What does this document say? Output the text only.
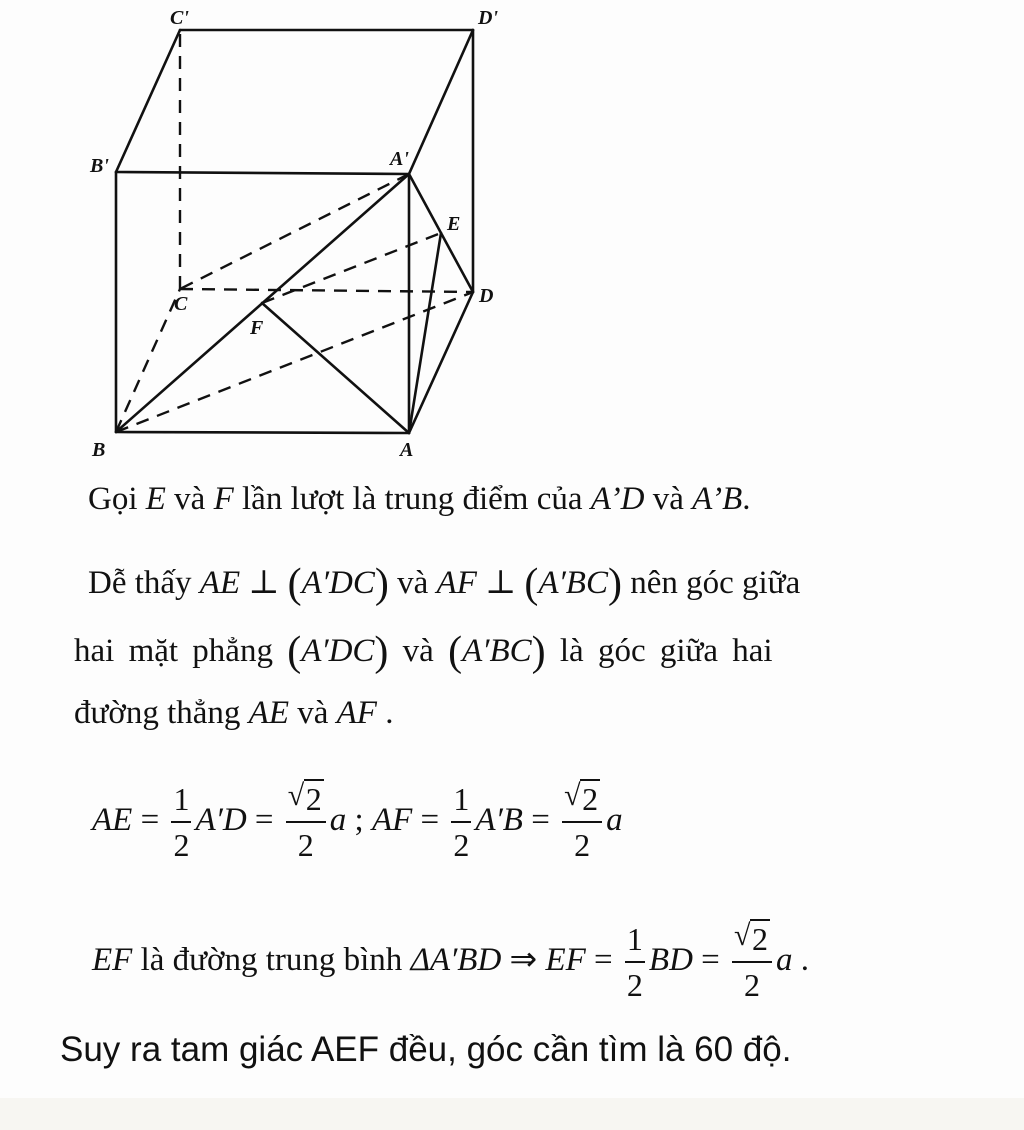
C'	D'
B'	A'
E
C	D
F
B	A

Gọi E và F lần lượt là trung điểm của A’D và A’B.

Dễ thấy AE ⊥ (A′DC) và AF ⊥ (A′BC) nên góc giữa

hai mặt phẳng (A′DC) và (A′BC) là góc giữa hai

đường thẳng AE và AF .

AE = $\frac{1}{2} A'D = \frac{√ 2}{2}$ a ; AF = $\frac{1}{2} A'B = \frac{√ 2}{2}$ a
EF là đường trung bình ΔA′BD ⇒ EF = $\frac{1}{2}$ BD = $\frac{√ 2}{2}$ a .

Suy ra tam giác AEF đều, góc cần tìm là 60 độ.
